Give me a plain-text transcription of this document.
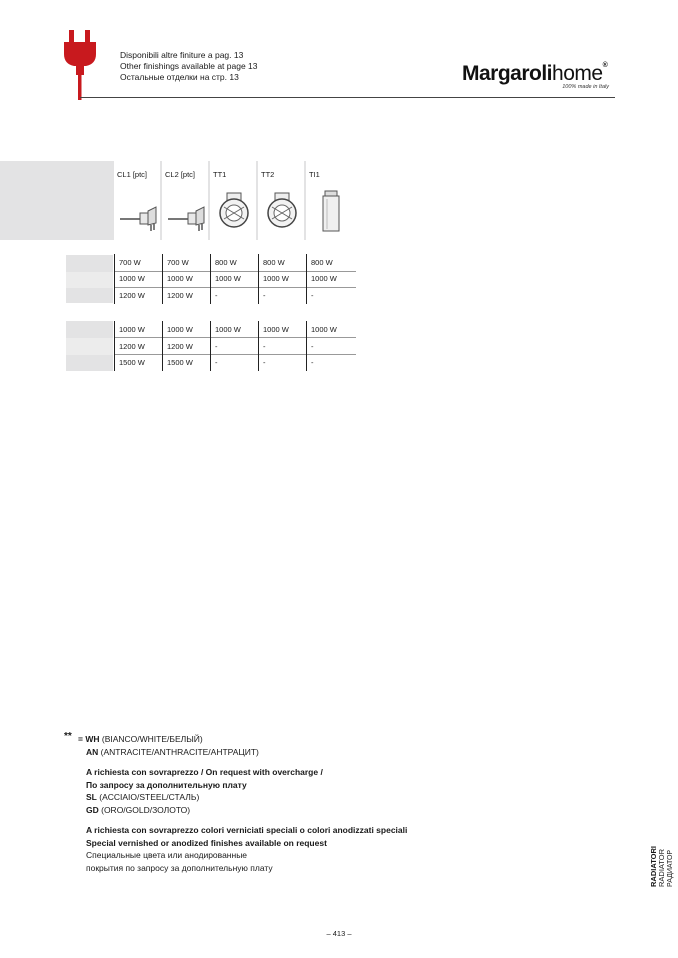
Disponibili altre finiture a pag. 13
Other finishings available at page 13
Остальные отделки на стр. 13	Margarolihome®
100% made in Italy
CL1 [ptc] CL2 [ptc] TT1	TT2	TI1
700 W	700 W	800 W	800 W	800 W
1000 W	1000 W	1000 W	1000 W	1000 W
1200 W	1200 W	-	-	-
1000 W	1000 W	1000 W	1000 W	1000 W
1200 W	1200 W	-	-	-
1500 W	1500 W	-	-	-
** = WH (BIANCO/WHITE/БЕЛЫЙ)
AN (ANTRACITE/ANTHRACITE/АНТРАЦИТ)
A richiesta con sovraprezzo / On request with overcharge /
По запросу за дополнительную плату
SL (ACCIAIO/STEEL/СТАЛЬ)
GD (ORO/GOLD/ЗОЛОТО)
A richiesta con sovraprezzo colori verniciati speciali o colori anodizzati speciali
Special vernished or anodized finishes available on request
Специальные цвета или анодированные
покрытия по запросу за дополнительную плату	RADIATORI RADIATOR РАДИАТОР
– 413 –
